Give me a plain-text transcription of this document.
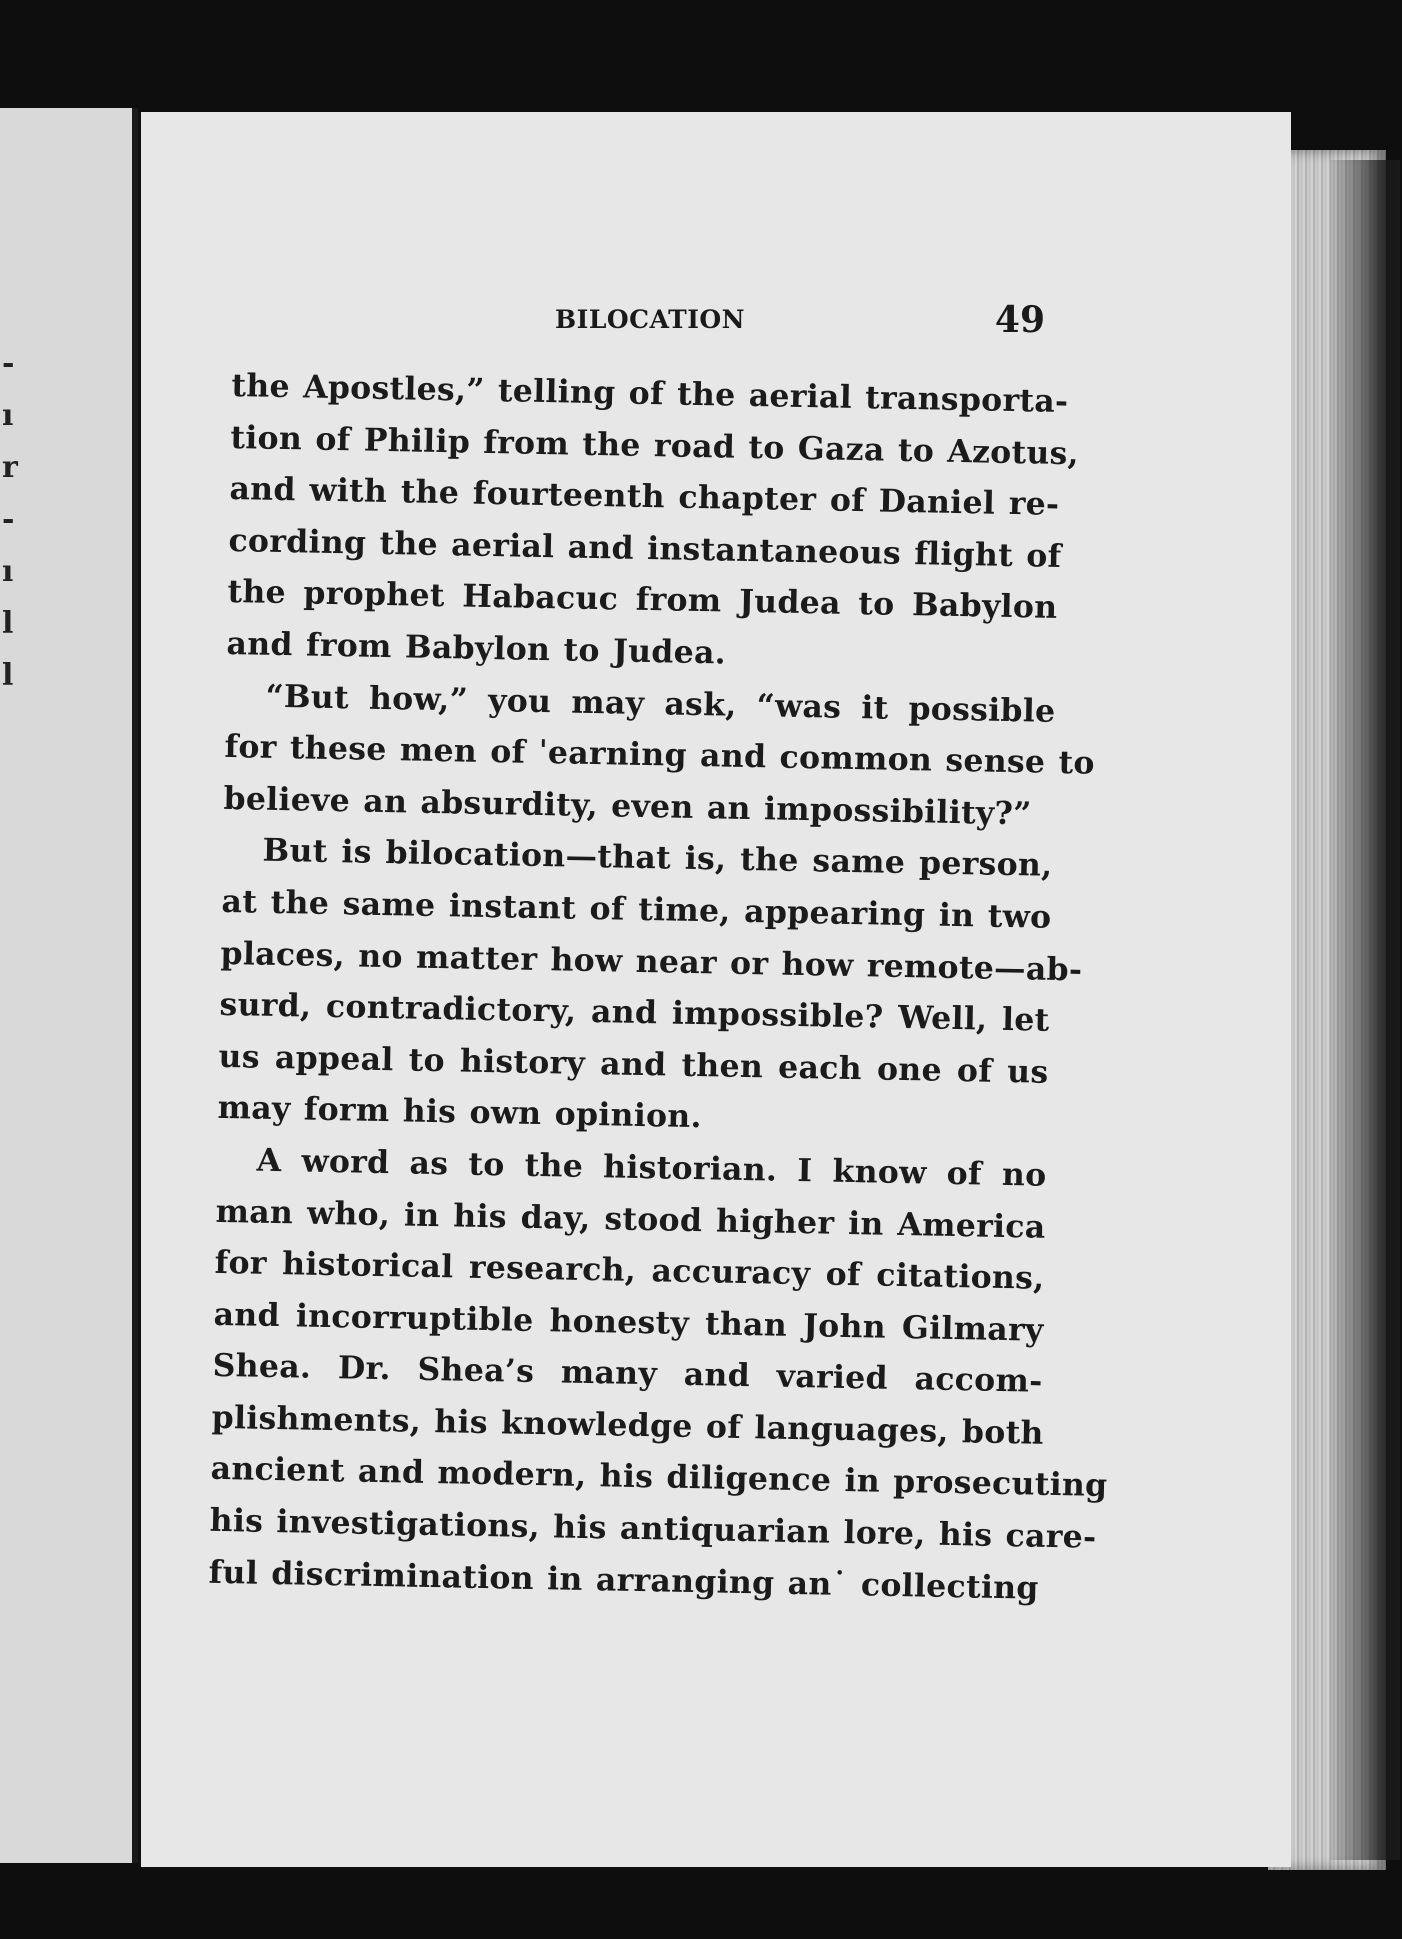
-
ı
r
-
ı
l
l
BILOCATION	49
the Apostles,” telling of the aerial transporta-
tion of Philip from the road to Gaza to Azotus,
and with the fourteenth chapter of Daniel re-
cording the aerial and instantaneous flight of
the prophet Habacuc from Judea to Babylon
and from Babylon to Judea.
“But how,” you may ask, “was it possible
for these men of ˈearning and common sense to
believe an absurdity, even an impossibility?”
But is bilocation—that is, the same person,
at the same instant of time, appearing in two
places, no matter how near or how remote—ab-
surd, contradictory, and impossible? Well, let
us appeal to history and then each one of us
may form his own opinion.
A word as to the historian. I know of no
man who, in his day, stood higher in America
for historical research, accuracy of citations,
and incorruptible honesty than John Gilmary
Shea. Dr. Shea’s many and varied accom-
plishments, his knowledge of languages, both
ancient and modern, his diligence in prosecuting
his investigations, his antiquarian lore, his care-
ful discrimination in arranging an˙ collecting
